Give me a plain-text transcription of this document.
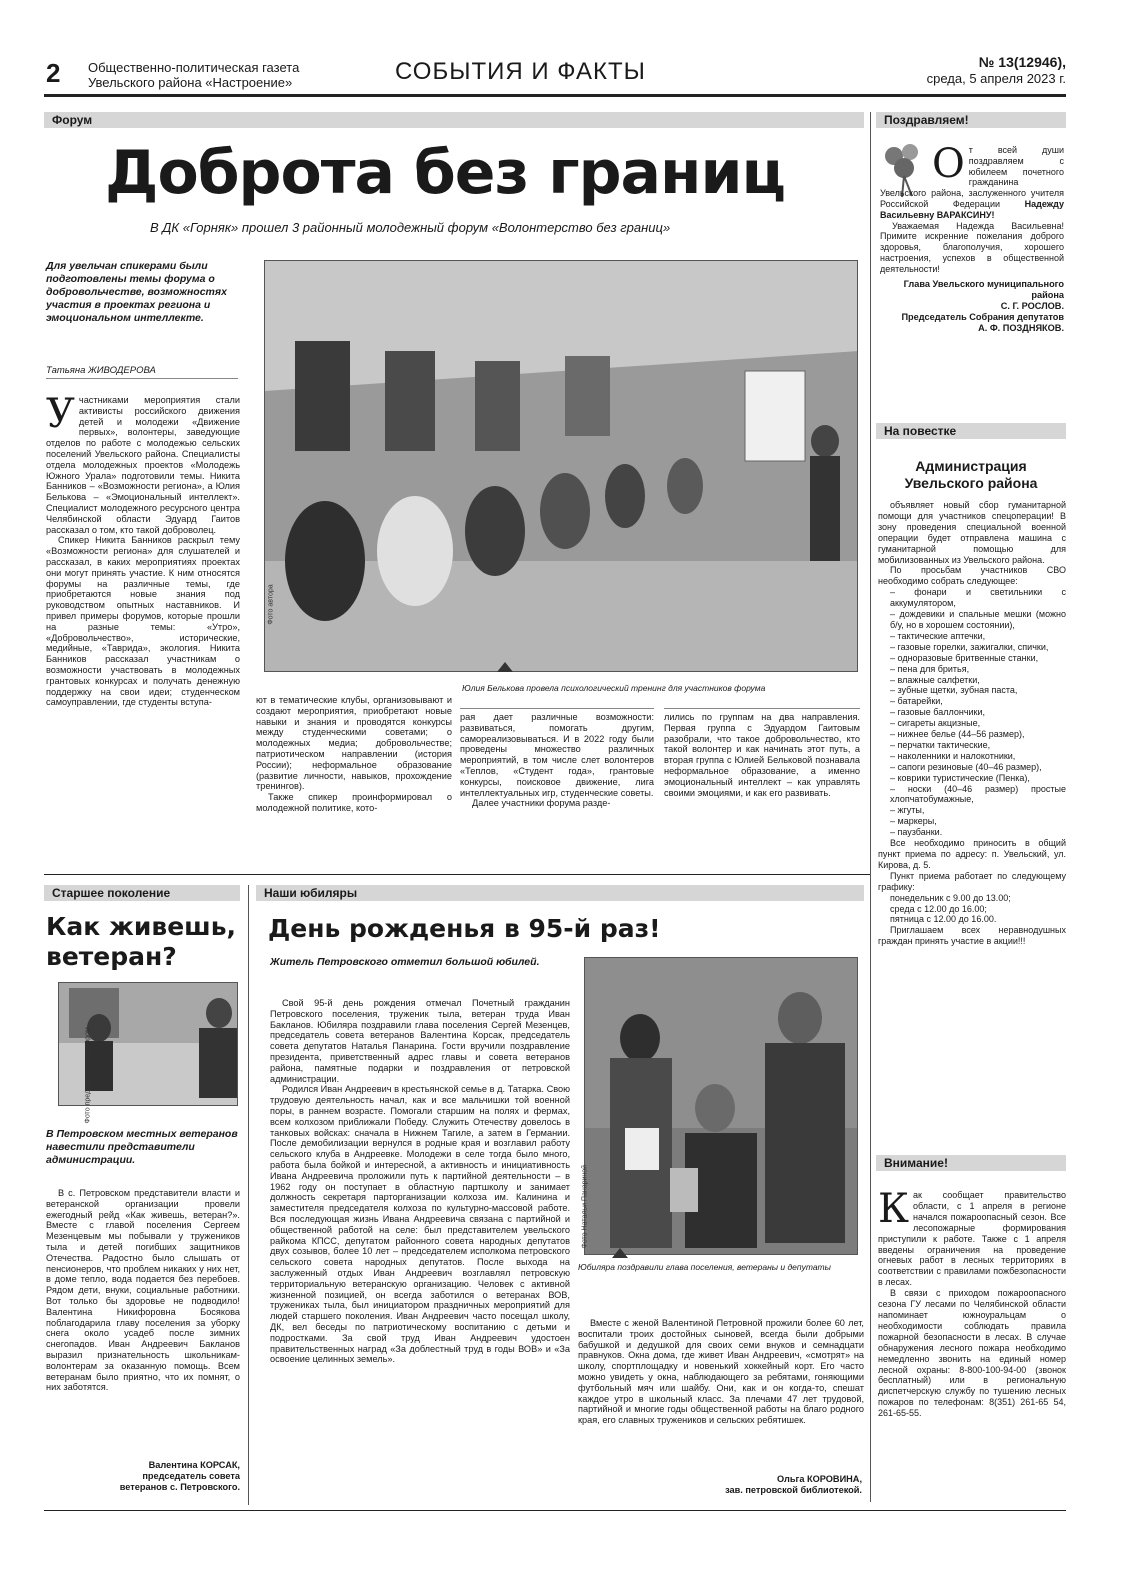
2 Общественно-политическая газета
Увельского района «Настроение»	СОБЫТИЯ И ФАКТЫ	№ 13(12946),
среда, 5 апреля 2023 г.
Форум
Доброта без границ
В ДК «Горняк» прошел 3 районный молодежный форум «Волонтерство без границ»
Для увельчан спикерами были подготовлены темы форума о добровольчестве, возможностях участия в проектах региона и эмоциональном интеллекте.
Татьяна ЖИВОДЕРОВА
Участниками мероприятия стали активисты российского движения детей и молодежи «Движение первых», волонтеры, заведующие отделов по работе с молодежью сельских поселений Увельского района. Специалисты отдела молодежных проектов «Молодежь Южного Урала» подготовили темы. Никита Банников – «Возможности региона», а Юлия Белькова – «Эмоциональный интеллект». Специалист молодежного ресурсного центра Челябинской области Эдуард Гаитов рассказал о том, кто такой доброволец.

Спикер Никита Банников раскрыл тему «Возможности региона» для слушателей и рассказал, в каких мероприятиях проектах они могут принять участие. К ним относятся форумы на различные темы, где приобретаются новые знания под руководством опытных наставников. И привел примеры форумов, которые прошли на разные темы: «Утро», «Добровольчество», исторические, медийные, «Таврида», экология. Никита Банников рассказал участникам о возможности участвовать в молодежных грантовых конкурсах и получать денежную поддержку на свои идеи; студенческом самоуправлении, где студенты вступа-

Фото автора
Юлия Белькова провела психологический тренинг для участников форума

ют в тематические клубы, организовывают и создают мероприятия, приобретают новые навыки и знания и проводятся конкурсы между студенческими советами; о молодежных медиа; добровольчестве; патриотическом направлении (история России); неформальное образование (развитие личности, навыков, прохождение тренингов).

Также спикер проинформировал о молодежной политике, кото-

рая дает различные возможности: развиваться, помогать другим, самореализовываться. И в 2022 году были проведены множество различных мероприятий, в том числе слет волонтеров «Теплов, «Студент года», грантовые конкурсы, поисковое движение, лига интеллектуальных игр, студенческие советы.

Далее участники форума разде-

лились по группам на два направления. Первая группа с Эдуардом Гаитовым разобрали, что такое добровольчество, кто такой волонтер и как начинать этот путь, а вторая группа с Юлией Бельковой познавала неформальное образование, а именно эмоциональный интеллект – как управлять своими эмоциями, и как его развивать.

Поздравляем!
От всей души поздравляем с юбилеем почетного гражданина Увельского района, заслуженного учителя Российской Федерации	Надежду Васильевну ВАРАКСИНУ!

Уважаемая Надежда Васильевна! Примите искренние пожелания доброго здоровья, благополучия, хорошего настроения, успехов в общественной деятельности!

Глава Увельского муниципального района
С. Г. РОСЛОВ.
Председатель Собрания депутатов
А. Ф. ПОЗДНЯКОВ.
На повестке
Администрация
Увельского района

объявляет новый сбор гуманитарной помощи для участников спецоперации! В зону проведения специальной военной операции будет отправлена машина с гуманитарной помощью для мобилизованных из Увельского района.

По просьбам участников СВО необходимо собрать следующее:

– фонари и светильники с аккумулятором,
– дождевики и спальные мешки (можно б/у, но в хорошем состоянии),
– тактические аптечки,
– газовые горелки, зажигалки, спички,
– одноразовые бритвенные станки,
– пена для бритья,
– влажные салфетки,
– зубные щетки, зубная паста,
– батарейки,
– газовые баллончики,
– сигареты акцизные,
– нижнее белье (44–56 размер),
– перчатки тактические,
– наколенники и налокотники,
– сапоги резиновые (40–46 размер),
– коврики туристические (Пенка),
– носки (40–46 размер) простые хлопчатобумажные,
– жгуты,
– маркеры,
– паузбанки.

Все необходимо приносить в общий пункт приема по адресу: п. Увельский, ул. Кирова, д. 5.

Пункт приема работает по следующему графику:

понедельник с 9.00 до 13.00;
среда с 12.00 до 16.00;
пятница с 12.00 до 16.00.

Приглашаем всех неравнодушных граждан принять участие в акции!!!

Внимание!
Как сообщает правительство области, с 1 апреля в регионе начался пожароопасный сезон. Все лесопожарные формирования приступили к работе. Также с 1 апреля введены ограничения на проведение огневых работ в лесных территориях в соответствии с правилами пожбезопасности в лесах.

В связи с приходом пожароопасного сезона ГУ лесами по Челябинской области напоминает южноуральцам о необходимости соблюдать правила пожарной безопасности в лесах. В случае обнаружения лесного пожара необходимо немедленно звонить на единый номер лесной охраны: 8-800-100-94-00 (звонок бесплатный) или в региональную диспетчерскую службу по тушению лесных пожаров по телефонам: 8(351) 261-65 54, 261-65-55.

Старшее поколение
Как живешь,
ветеран?
Фото предоставлено автором
В Петровском местных ветеранов навестили представители администрации.

В с. Петровском представители власти и ветеранской организации провели ежегодный рейд «Как живешь, ветеран?». Вместе с главой поселения Сергеем Мезенцевым мы побывали у тружеников тыла и детей погибших защитников Отечества. Радостно было слышать от пенсионеров, что проблем никаких у них нет, в доме тепло, вода подается без перебоев. Рядом дети, внуки, социальные работники. Вот только бы здоровье не подводило! Валентина Никифоровна Босякова поблагодарила главу поселения за уборку снега около усадеб после зимних снегопадов. Иван Андреевич Бакланов выразил признательность школьникам-волонтерам за оказанную помощь. Всем ветеранам было приятно, что их помнят, о них заботятся.

Валентина КОРСАК,
председатель совета
ветеранов с. Петровского.
Наши юбиляры
День рожденья в 95-й раз!
Житель Петровского отметил большой юбилей.

Свой 95-й день рождения отмечал Почетный гражданин Петровского поселения, труженик тыла, ветеран труда Иван Бакланов. Юбиляра поздравили глава поселения Сергей Мезенцев, председатель совета ветеранов Валентина Корсак, председатель совета депутатов Наталья Панарина. Гости вручили поздравление президента, приветственный адрес главы и совета ветеранов района, памятные подарки и поздравления от петровской администрации.

Родился Иван Андреевич в крестьянской семье в д. Татарка. Свою трудовую деятельность начал, как и все мальчишки той военной поры, в раннем возрасте. Помогали старшим на полях и фермах, всем колхозом приближали Победу. Служить Отечеству довелось в танковых войсках: сначала в Нижнем Тагиле, а затем в Германии. После демобилизации вернулся в родные края и возглавил работу сельского клуба в Андреевке. Молодежи в селе тогда было много, работа была бойкой и интересной, а активность и инициативность Ивана Андреевича проложили путь к партийной деятельности – в 1962 году он поступает в областную партшколу и занимает должность секретаря парторганизации колхоза им. Калинина и заместителя председателя колхоза по культурно-массовой работе. Вся последующая жизнь Ивана Андреевича связана с партийной и общественной работой на селе: был представителем увельского райкома КПСС, депутатом районного совета народных депутатов двух созывов, более 10 лет – председателем исполкома петровского сельского совета народных депутатов. После выхода на заслуженный отдых Иван Андреевич возглавлял петровскую территориальную ветеранскую организацию. Человек с активной жизненной позицией, он всегда заботился о ветеранах ВОВ, тружениках тыла, был инициатором праздничных мероприятий для людей старшего поколения. Иван Андреевич часто посещал школу, ДК, вел беседы по патриотическому воспитанию с детьми и подростками. За свой труд Иван Андреевич удостоен правительственных наград «За доблестный труд в годы ВОВ» и «За освоение целинных земель».

Фото Натальи Панариной
Юбиляра поздравили глава поселения, ветераны и депутаты

Вместе с женой Валентиной Петровной прожили более 60 лет, воспитали троих достойных сыновей, всегда были добрыми бабушкой и дедушкой для своих семи внуков и семнадцати правнуков. Окна дома, где живет Иван Андреевич, «смотрят» на школу, спортплощадку и новенький хоккейный корт. Его часто можно увидеть у окна, наблюдающего за ребятами, гоняющими футбольный мяч или шайбу. Они, как и он когда-то, спешат каждое утро в школьный класс. За плечами 47 лет трудовой, партийной и многие годы общественной работы на благо родного края, его славных тружеников и сельских ребятишек.

Ольга КОРОВИНА,
зав. петровской библиотекой.
